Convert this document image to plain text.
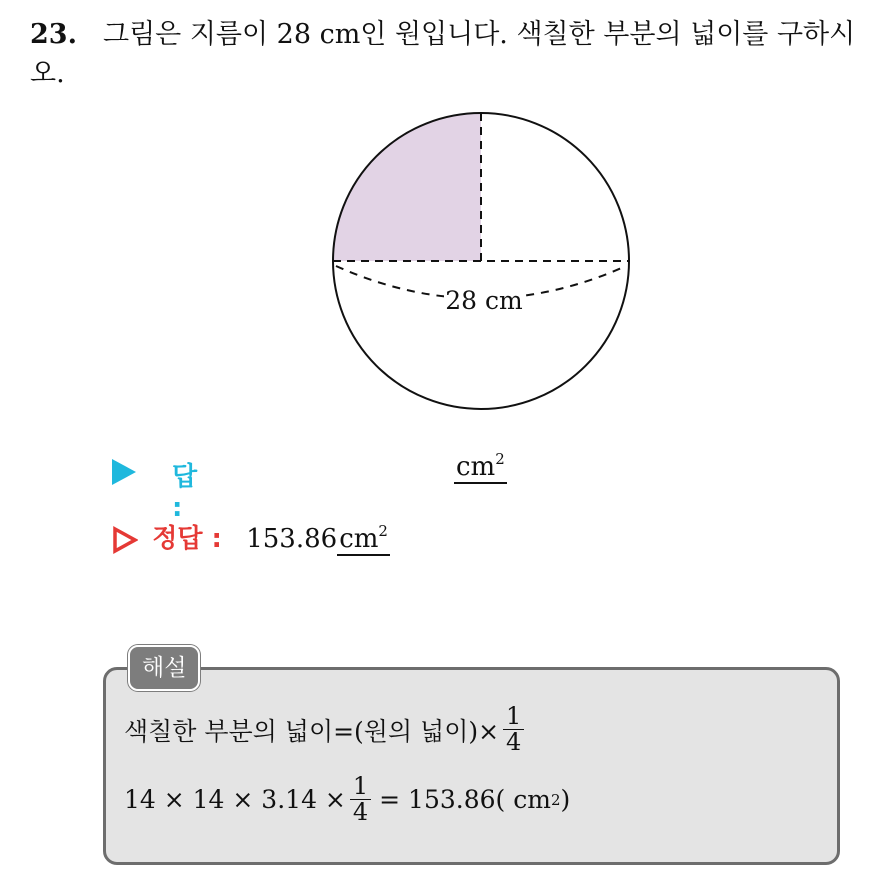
23. 그림은 지름이 28 cm인 원입니다. 색칠한 부분의 넓이를 구하시오.
28 cm
답 :
$cm^2$
정답 : $153.86cm^2$
해설
색칠한 부분의 넓이=(원의 넓이)× $\frac{1}{4}$
$14 \times 14 \times 3.14 \times \frac{1}{4} = 153.86$( cm 2 )
